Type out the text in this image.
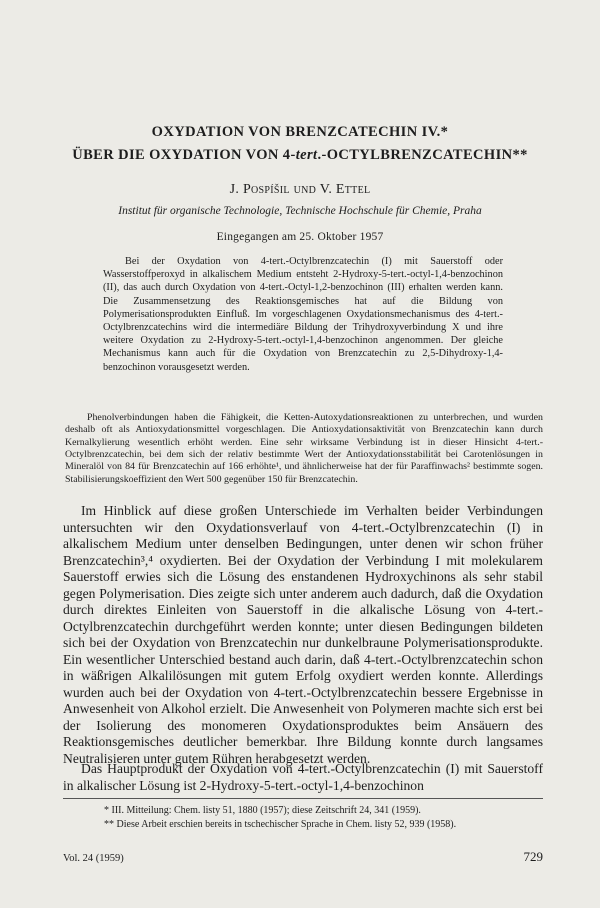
OXYDATION VON BRENZCATECHIN IV.*
ÜBER DIE OXYDATION VON 4-tert.-OCTYLBRENZCATECHIN**
J. Pospíšil und V. Ettel
Institut für organische Technologie, Technische Hochschule für Chemie, Praha
Eingegangen am 25. Oktober 1957

Bei der Oxydation von 4-tert.-Octylbrenzcatechin (I) mit Sauerstoff oder Wasserstoffperoxyd in alkalischem Medium entsteht 2-Hydroxy-5-tert.-octyl-1,4-benzochinon (II), das auch durch Oxydation von 4-tert.-Octyl-1,2-benzochinon (III) erhalten werden kann. Die Zusammensetzung des Reaktionsgemisches hat auf die Bildung von Polymerisationsprodukten Einfluß. Im vorgeschlagenen Oxydationsmechanismus des 4-tert.-Octylbrenzcatechins wird die intermediäre Bildung der Trihydroxyverbindung X und ihre weitere Oxydation zu 2-Hydroxy-5-tert.-octyl-1,4-benzochinon angenommen. Der gleiche Mechanismus kann auch für die Oxydation von Brenzcatechin zu 2,5-Dihydroxy-1,4-benzochinon vorausgesetzt werden.

Phenolverbindungen haben die Fähigkeit, die Ketten-Autoxydationsreaktionen zu unterbrechen, und wurden deshalb oft als Antioxydationsmittel vorgeschlagen. Die Antioxydationsaktivität von Brenzcatechin kann durch Kernalkylierung wesentlich erhöht werden. Eine sehr wirksame Verbindung ist in dieser Hinsicht 4-tert.-Octylbrenzcatechin, bei dem sich der relativ bestimmte Wert der Antioxydationsstabilität bei Carotenlösungen in Mineralöl von 84 für Brenzcatechin auf 166 erhöhte¹, und ähnlicherweise hat der für Paraffinwachs² bestimmte sogen. Stabilisierungskoeffizient den Wert 500 gegenüber 150 für Brenzcatechin.

Im Hinblick auf diese großen Unterschiede im Verhalten beider Verbindungen untersuchten wir den Oxydationsverlauf von 4-tert.-Octylbrenzcatechin (I) in alkalischem Medium unter denselben Bedingungen, unter denen wir schon früher Brenzcatechin³,⁴ oxydierten. Bei der Oxydation der Verbindung I mit molekularem Sauerstoff erwies sich die Lösung des enstandenen Hydroxychinons als sehr stabil gegen Polymerisation. Dies zeigte sich unter anderem auch dadurch, daß die Oxydation durch direktes Einleiten von Sauerstoff in die alkalische Lösung von 4-tert.-Octylbrenzcatechin durchgeführt werden konnte; unter diesen Bedingungen bildeten sich bei der Oxydation von Brenzcatechin nur dunkelbraune Polymerisationsprodukte. Ein wesentlicher Unterschied bestand auch darin, daß 4-tert.-Octylbrenzcatechin schon in wäßrigen Alkalilösungen mit gutem Erfolg oxydiert werden konnte. Allerdings wurden auch bei der Oxydation von 4-tert.-Octylbrenzcatechin bessere Ergebnisse in Anwesenheit von Alkohol erzielt. Die Anwesenheit von Polymeren machte sich erst bei der Isolierung des monomeren Oxydationsproduktes beim Ansäuern des Reaktionsgemisches deutlicher bemerkbar. Ihre Bildung konnte durch langsames Neutralisieren unter gutem Rühren herabgesetzt werden.

Das Hauptprodukt der Oxydation von 4-tert.-Octylbrenzcatechin (I) mit Sauerstoff in alkalischer Lösung ist 2-Hydroxy-5-tert.-octyl-1,4-benzochinon

* III. Mitteilung: Chem. listy 51, 1880 (1957); diese Zeitschrift 24, 341 (1959).

** Diese Arbeit erschien bereits in tschechischer Sprache in Chem. listy 52, 939 (1958).

Vol. 24 (1959)	729
